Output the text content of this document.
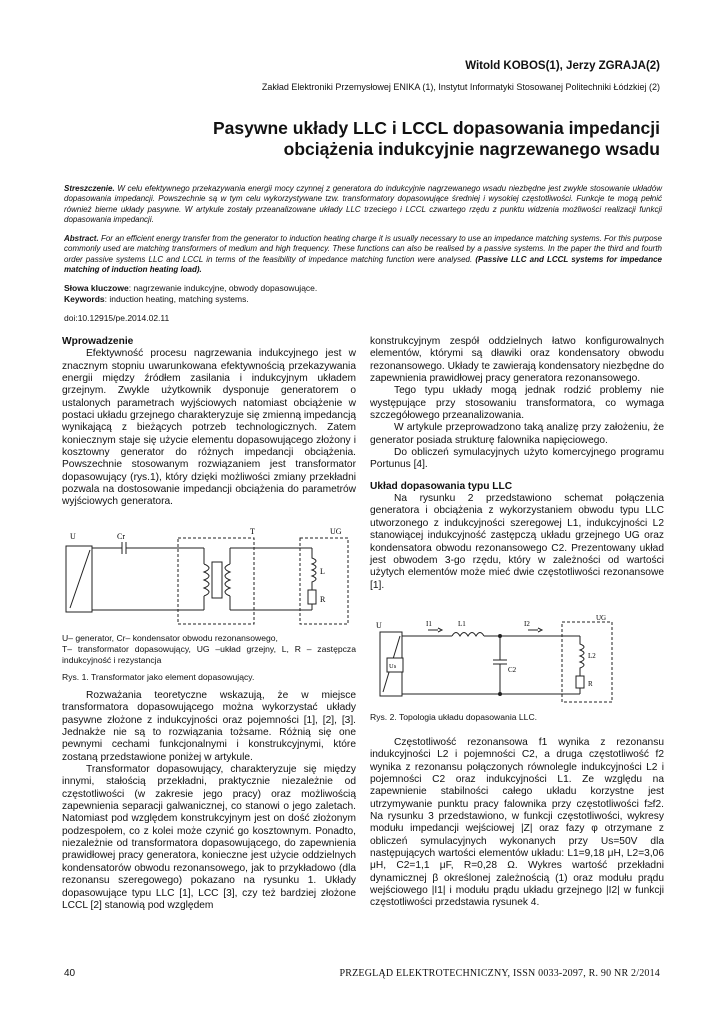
Witold KOBOS(1), Jerzy ZGRAJA(2)
Zakład Elektroniki Przemysłowej ENIKA (1), Instytut Informatyki Stosowanej Politechniki Łódzkiej (2)
Pasywne układy LLC i LCCL dopasowania impedancji
obciążenia indukcyjnie nagrzewanego wsadu
Streszczenie. W celu efektywnego przekazywania energii mocy czynnej z generatora do indukcyjnie nagrzewanego wsadu niezbędne jest zwykle stosowanie układów dopasowania impedancji. Powszechnie są w tym celu wykorzystywane tzw. transformatory dopasowujące średniej i wysokiej częstotliwości. Funkcje te mogą pełnić również bierne układy pasywne. W artykule zostały przeanalizowane układy LLC trzeciego i LCCL czwartego rzędu z punktu widzenia możliwości realizacji funkcji dopasowania impedancji.
Abstract. For an efficient energy transfer from the generator to induction heating charge it is usually necessary to use an impedance matching systems. For this purpose commonly used are matching transformers of medium and high frequency. These functions can also be realised by a passive systems. In the paper the third and fourth order passive systems LLC and LCCL in terms of the feasibility of impedance matching function were analysed. (Passive LLC and LCCL systems for impedance matching of induction heating load).
Słowa kluczowe: nagrzewanie indukcyjne, obwody dopasowujące.
Keywords: induction heating, matching systems.
doi:10.12915/pe.2014.02.11
Wprowadzenie

Efektywność procesu nagrzewania indukcyjnego jest w znacznym stopniu uwarunkowana efektywnością przekazywania energii między źródłem zasilania i indukcyjnym układem grzejnym. Zwykle użytkownik dysponuje generatorem o ustalonych parametrach wyjściowych natomiast obciążenie w postaci układu grzejnego charakteryzuje się zmienną impedancją wynikającą z bieżących potrzeb technologicznych. Zatem koniecznym staje się użycie elementu dopasowującego złożony i kosztowny generator do różnych impedancji obciążenia. Powszechnie stosowanym rozwiązaniem jest transformator dopasowujący (rys.1), który dzięki możliwości zmiany przekładni pozwala na dostosowanie impedancji obciążenia do parametrów wyjściowych generatora.

U	Cr
T	UG
L
R
U– generator, Cr– kondensator obwodu rezonansowego,
T– transformator dopasowujący, UG –układ grzejny, L, R – zastępcza indukcyjność i rezystancja
Rys. 1. Transformator jako element dopasowujący.

Rozważania teoretyczne wskazują, że w miejsce transformatora dopasowującego można wykorzystać układy pasywne złożone z indukcyjności oraz pojemności [1], [2], [3]. Jednakże nie są to rozwiązania tożsame. Różnią się one pewnymi cechami funkcjonalnymi i konstrukcyjnymi, które zostaną przedstawione poniżej w artykule.

Transformator dopasowujący, charakteryzuje się między innymi, stałością przekładni, praktycznie niezależnie od częstotliwości (w zakresie jego pracy) oraz możliwością zapewnienia separacji galwanicznej, co stanowi o jego zaletach. Natomiast pod względem konstrukcyjnym jest on dość złożonym podzespołem, co z kolei może czynić go kosztownym. Ponadto, niezależnie od transformatora dopasowującego, do zapewnienia prawidłowej pracy generatora, konieczne jest użycie oddzielnych kondensatorów obwodu rezonansowego, jak to przykładowo (dla rezonansu szeregowego) pokazano na rysunku 1. Układy dopasowujące typu LLC [1], LCC [3], czy też bardziej złożone LCCL [2] stanowią pod względem

konstrukcyjnym zespół oddzielnych łatwo konfigurowalnych elementów, którymi są dławiki oraz kondensatory obwodu rezonansowego. Układy te zawierają kondensatory niezbędne do zapewnienia prawidłowej pracy generatora rezonansowego.

Tego typu układy mogą jednak rodzić problemy nie występujące przy stosowaniu transformatora, co wymaga szczegółowego przeanalizowania.

W artykule przeprowadzono taką analizę przy założeniu, że generator posiada strukturę falownika napięciowego.

Do obliczeń symulacyjnych użyto komercyjnego programu Portunus [4].

Układ dopasowania typu LLC

Na rysunku 2 przedstawiono schemat połączenia generatora i obciążenia z wykorzystaniem obwodu typu LLC utworzonego z indukcyjności szeregowej L1, indukcyjności L2 stanowiącej indukcyjność zastępczą układu grzejnego UG oraz kondensatora obwodu rezonansowego C2. Prezentowany układ jest obwodem 3-go rzędu, który w zależności od wartości użytych elementów może mieć dwie częstotliwości rezonansowe [1].

U
UG
I1	L1	I2
C2
L2
R
Us
Rys. 2. Topologia układu dopasowania LLC.

Częstotliwość rezonansowa f1 wynika z rezonansu indukcyjności L2 i pojemności C2, a druga częstotliwość f2 wynika z rezonansu połączonych równolegle indukcyjności L2 i pojemności C2 oraz indukcyjności L1. Ze względu na zapewnienie stabilności całego układu korzystne jest utrzymywanie punktu pracy falownika przy częstotliwości f≥f2. Na rysunku 3 przedstawiono, w funkcji częstotliwości, wykresy modułu impedancji wejściowej |Z| oraz fazy φ otrzymane z obliczeń symulacyjnych wykonanych przy Us=50V dla następujących wartości elementów układu: L1=9,18 μH, L2=3,06 μH, C2=1,1 μF, R=0,28 Ω. Wykres wartość przekładni dynamicznej β określonej zależnością (1) oraz modułu prądu wejściowego |I1| i modułu prądu układu grzejnego |I2| w funkcji częstotliwości przedstawia rysunek 4.

40	PRZEGLĄD ELEKTROTECHNICZNY, ISSN 0033-2097, R. 90 NR 2/2014
